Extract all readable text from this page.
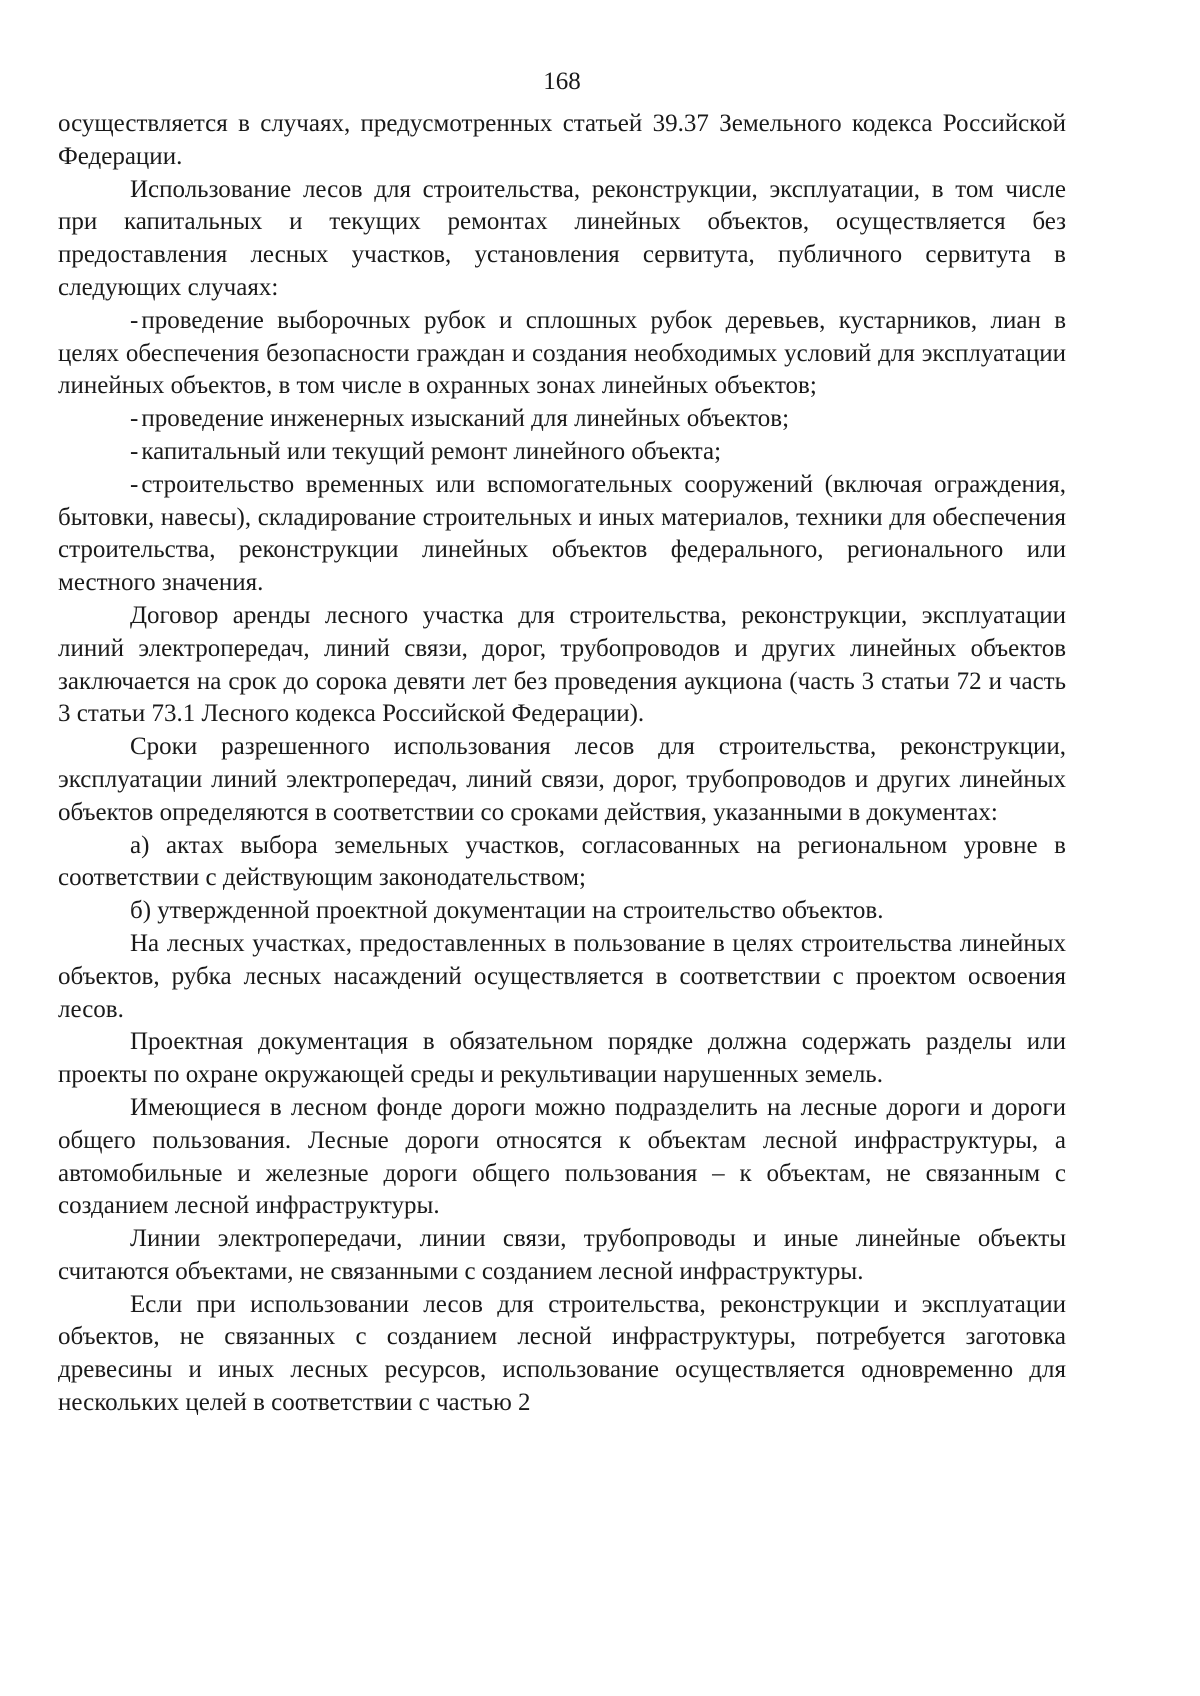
168

осуществляется в случаях, предусмотренных статьей 39.37 Земельного кодекса Российской Федерации.

Использование лесов для строительства, реконструкции, эксплуатации, в том числе при капитальных и текущих ремонтах линейных объектов, осуществляется без предоставления лесных участков, установления сервитута, публичного сервитута в следующих случаях:

- проведение выборочных рубок и сплошных рубок деревьев, кустарников, лиан в целях обеспечения безопасности граждан и создания необходимых условий для эксплуатации линейных объектов, в том числе в охранных зонах линейных объектов;

- проведение инженерных изысканий для линейных объектов;

- капитальный или текущий ремонт линейного объекта;

- строительство временных или вспомогательных сооружений (включая ограждения, бытовки, навесы), складирование строительных и иных материалов, техники для обеспечения строительства, реконструкции линейных объектов федерального, регионального или местного значения.

Договор аренды лесного участка для строительства, реконструкции, эксплуатации линий электропередач, линий связи, дорог, трубопроводов и других линейных объектов заключается на срок до сорока девяти лет без проведения аукциона (часть 3 статьи 72 и часть 3 статьи 73.1 Лесного кодекса Российской Федерации).

Сроки разрешенного использования лесов для строительства, реконструкции, эксплуатации линий электропередач, линий связи, дорог, трубопроводов и других линейных объектов определяются в соответствии со сроками действия, указанными в документах:

а) актах выбора земельных участков, согласованных на региональном уровне в соответствии с действующим законодательством;

б) утвержденной проектной документации на строительство объектов.

На лесных участках, предоставленных в пользование в целях строительства линейных объектов, рубка лесных насаждений осуществляется в соответствии с проектом освоения лесов.

Проектная документация в обязательном порядке должна содержать разделы или проекты по охране окружающей среды и рекультивации нарушенных земель.

Имеющиеся в лесном фонде дороги можно подразделить на лесные дороги и дороги общего пользования. Лесные дороги относятся к объектам лесной инфраструктуры, а автомобильные и железные дороги общего пользования – к объектам, не связанным с созданием лесной инфраструктуры.

Линии электропередачи, линии связи, трубопроводы и иные линейные объекты считаются объектами, не связанными с созданием лесной инфраструктуры.

Если при использовании лесов для строительства, реконструкции и эксплуатации объектов, не связанных с созданием лесной инфраструктуры, потребуется заготовка древесины и иных лесных ресурсов, использование осуществляется одновременно для нескольких целей в соответствии с частью 2
